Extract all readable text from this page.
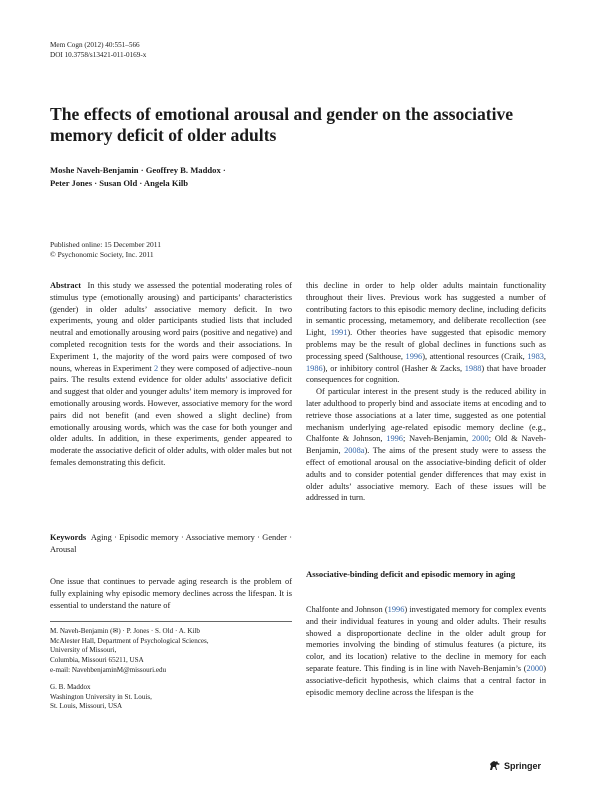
Mem Cogn (2012) 40:551–566
DOI 10.3758/s13421-011-0169-x
The effects of emotional arousal and gender on the associative memory deficit of older adults
Moshe Naveh-Benjamin · Geoffrey B. Maddox ·
Peter Jones · Susan Old · Angela Kilb
Published online: 15 December 2011
© Psychonomic Society, Inc. 2011

Abstract In this study we assessed the potential moderating roles of stimulus type (emotionally arousing) and participants’ characteristics (gender) in older adults’ associative memory deficit. In two experiments, young and older participants studied lists that included neutral and emotionally arousing word pairs (positive and negative) and completed recognition tests for the words and their associations. In Experiment 1, the majority of the word pairs were composed of two nouns, whereas in Experiment 2 they were composed of adjective–noun pairs. The results extend evidence for older adults’ associative deficit and suggest that older and younger adults’ item memory is improved for emotionally arousing words. However, associative memory for the word pairs did not benefit (and even showed a slight decline) from emotionally arousing words, which was the case for both younger and older adults. In addition, in these experiments, gender appeared to moderate the associative deficit of older adults, with older males but not females demonstrating this deficit.

Keywords Aging · Episodic memory · Associative memory · Gender · Arousal

One issue that continues to pervade aging research is the problem of fully explaining why episodic memory declines across the lifespan. It is essential to understand the nature of

M. Naveh-Benjamin (✉) · P. Jones · S. Old · A. Kilb
McAlester Hall, Department of Psychological Sciences,
University of Missouri,
Columbia, Missouri 65211, USA
e-mail: NavehbenjaminM@missouri.edu
G. B. Maddox
Washington University in St. Louis,
St. Louis, Missouri, USA

this decline in order to help older adults maintain functionality throughout their lives. Previous work has suggested a number of contributing factors to this episodic memory decline, including deficits in semantic processing, metamemory, and deliberate recollection (see Light, 1991). Other theories have suggested that episodic memory problems may be the result of global declines in functions such as processing speed (Salthouse, 1996), attentional resources (Craik, 1983, 1986), or inhibitory control (Hasher & Zacks, 1988) that have broader consequences for cognition.

Of particular interest in the present study is the reduced ability in later adulthood to properly bind and associate items at encoding and to retrieve those associations at a later time, suggested as one potential mechanism underlying age-related episodic memory decline (e.g., Chalfonte & Johnson, 1996; Naveh-Benjamin, 2000; Old & Naveh-Benjamin, 2008a). The aims of the present study were to assess the effect of emotional arousal on the associative-binding deficit of older adults and to consider potential gender differences that may exist in older adults’ associative memory. Each of these issues will be addressed in turn.

Associative-binding deficit and episodic memory in aging

Chalfonte and Johnson (1996) investigated memory for complex events and their individual features in young and older adults. Their results showed a disproportionate decline in the older adult group for memories involving the binding of stimulus features (a picture, its color, and its location) relative to the decline in memory for each separate feature. This finding is in line with Naveh-Benjamin’s (2000) associative-deficit hypothesis, which claims that a central factor in episodic memory decline across the lifespan is the

Springer
